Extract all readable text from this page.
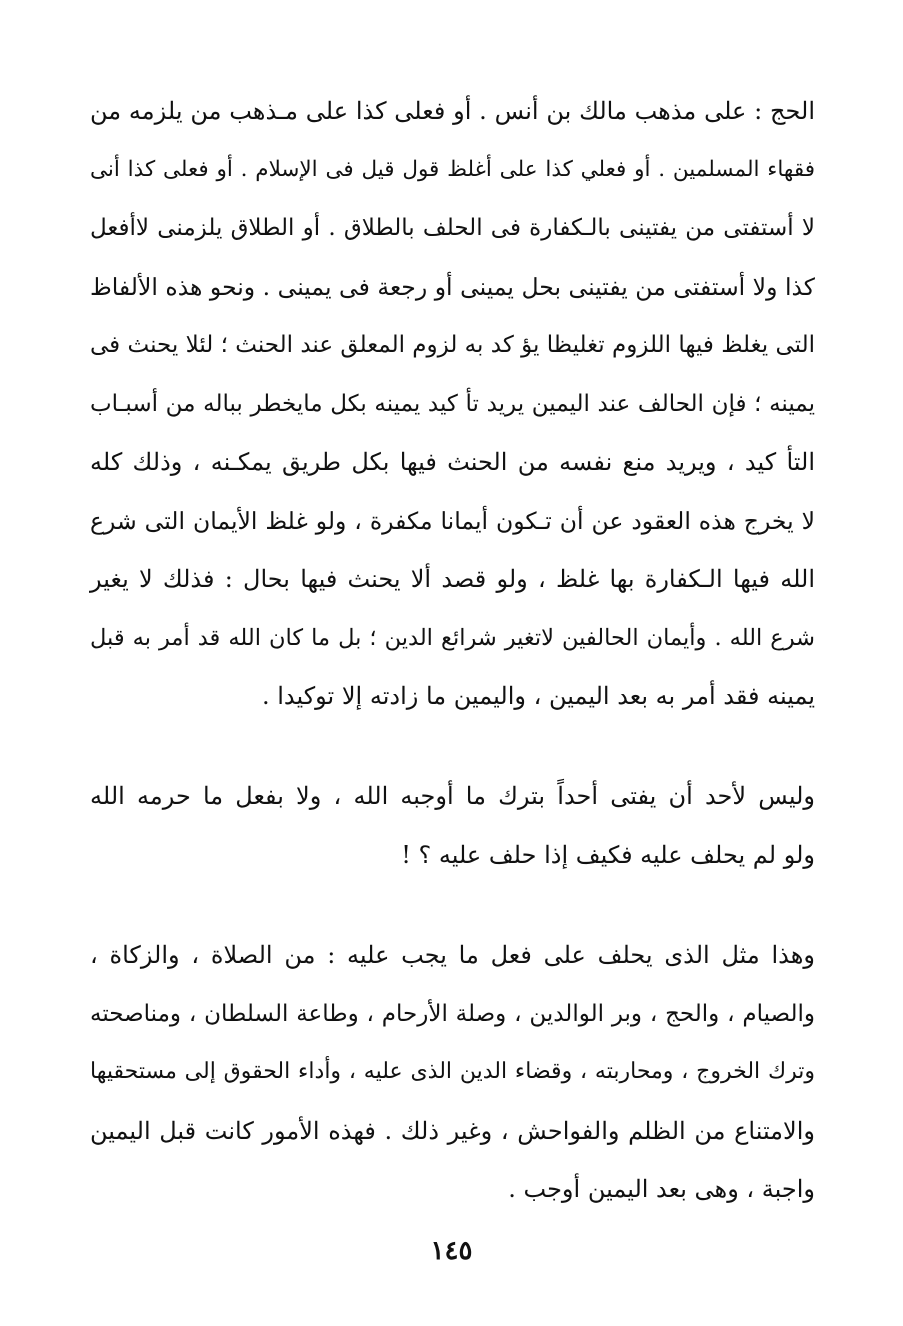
الحج : على مذهب مالك بن أنس . أو فعلى كذا على مـذهب من يلزمه من
فقهاء المسلمين . أو فعلي كذا على أغلظ قول قيل فى الإسلام . أو فعلى كذا أنى
لا أستفتى من يفتينى بالـكفارة فى الحلف بالطلاق . أو الطلاق يلزمنى لاأفعل
كذا ولا أستفتى من يفتينى بحل يمينى أو رجعة فى يمينى . ونحو هذه الألفاظ
التى يغلظ فيها اللزوم تغليظا يؤ كد به لزوم المعلق عند الحنث ؛ لئلا يحنث فى
يمينه ؛ فإن الحالف عند اليمين يريد تأ كيد يمينه بكل مايخطر بباله من أسبـاب
التأ كيد ، ويريد منع نفسه من الحنث فيها بكل طريق يمكـنه ، وذلك كله
لا يخرج هذه العقود عن أن تـكون أيمانا مكفرة ، ولو غلظ الأيمان التى شرع
الله فيها الـكفارة بها غلظ ، ولو قصد ألا يحنث فيها بحال : فذلك لا يغير
شرع الله . وأيمان الحالفين لاتغير شرائع الدين ؛ بل ما كان الله قد أمر به قبل
يمينه فقد أمر به بعد اليمين ، واليمين ما زادته إلا توكيدا .
وليس لأحد أن يفتى أحداً بترك ما أوجبه الله ، ولا بفعل ما حرمه الله
ولو لم يحلف عليه فكيف إذا حلف عليه ؟ !
وهذا مثل الذى يحلف على فعل ما يجب عليه : من الصلاة ، والزكاة ،
والصيام ، والحج ، وبر الوالدين ، وصلة الأرحام ، وطاعة السلطان ، ومناصحته
وترك الخروج ، ومحاربته ، وقضاء الدين الذى عليه ، وأداء الحقوق إلى مستحقيها
والامتناع من الظلم والفواحش ، وغير ذلك . فهذه الأمور كانت قبل اليمين
واجبة ، وهى بعد اليمين أوجب .
١٤٥
